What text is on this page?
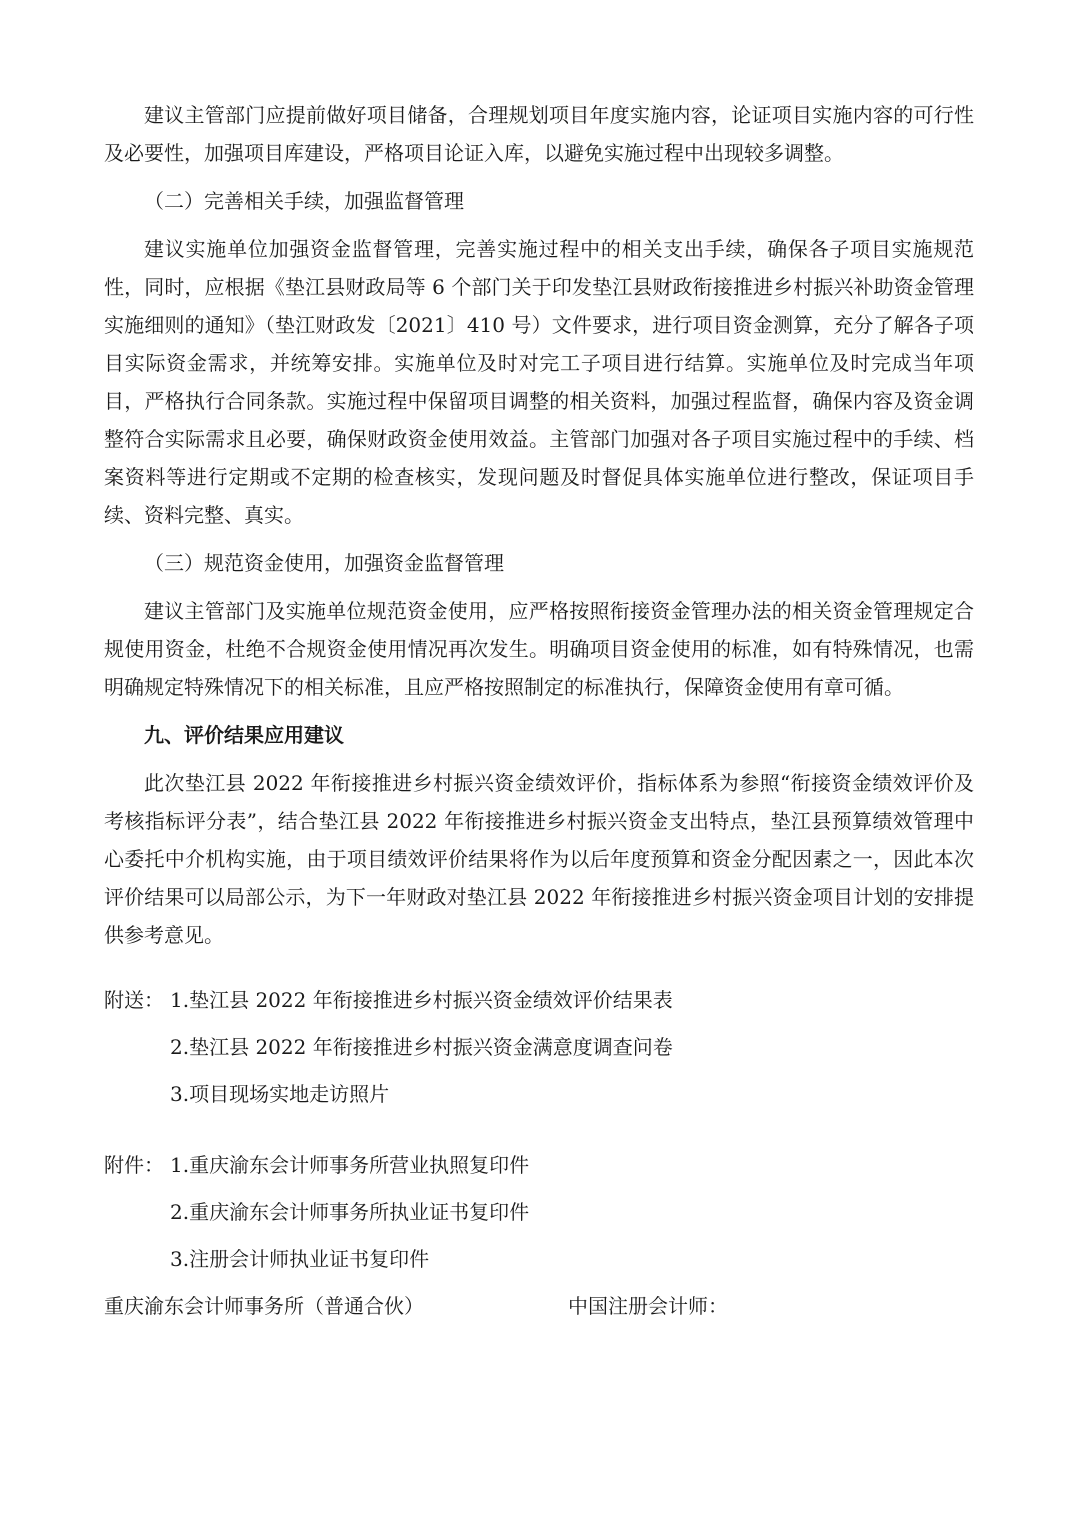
建议主管部门应提前做好项目储备，合理规划项目年度实施内容，论证项目实施内容的可行性及必要性，加强项目库建设，严格项目论证入库，以避免实施过程中出现较多调整。

（二）完善相关手续，加强监督管理

建议实施单位加强资金监督管理，完善实施过程中的相关支出手续，确保各子项目实施规范性，同时，应根据《垫江县财政局等 6 个部门关于印发垫江县财政衔接推进乡村振兴补助资金管理实施细则的通知》（垫江财政发〔2021〕410 号）文件要求，进行项目资金测算，充分了解各子项目实际资金需求，并统筹安排。实施单位及时对完工子项目进行结算。实施单位及时完成当年项目，严格执行合同条款。实施过程中保留项目调整的相关资料，加强过程监督，确保内容及资金调整符合实际需求且必要，确保财政资金使用效益。主管部门加强对各子项目实施过程中的手续、档案资料等进行定期或不定期的检查核实，发现问题及时督促具体实施单位进行整改，保证项目手续、资料完整、真实。

（三）规范资金使用，加强资金监督管理

建议主管部门及实施单位规范资金使用，应严格按照衔接资金管理办法的相关资金管理规定合规使用资金，杜绝不合规资金使用情况再次发生。明确项目资金使用的标准，如有特殊情况，也需明确规定特殊情况下的相关标准，且应严格按照制定的标准执行，保障资金使用有章可循。

九、评价结果应用建议

此次垫江县 2022 年衔接推进乡村振兴资金绩效评价，指标体系为参照“衔接资金绩效评价及考核指标评分表”，结合垫江县 2022 年衔接推进乡村振兴资金支出特点，垫江县预算绩效管理中心委托中介机构实施，由于项目绩效评价结果将作为以后年度预算和资金分配因素之一，因此本次评价结果可以局部公示，为下一年财政对垫江县 2022 年衔接推进乡村振兴资金项目计划的安排提供参考意见。

附送： 1.垫江县 2022 年衔接推进乡村振兴资金绩效评价结果表
2.垫江县 2022 年衔接推进乡村振兴资金满意度调查问卷
3.项目现场实地走访照片
附件： 1.重庆渝东会计师事务所营业执照复印件
2.重庆渝东会计师事务所执业证书复印件
3.注册会计师执业证书复印件
重庆渝东会计师事务所（普通合伙）	中国注册会计师：
